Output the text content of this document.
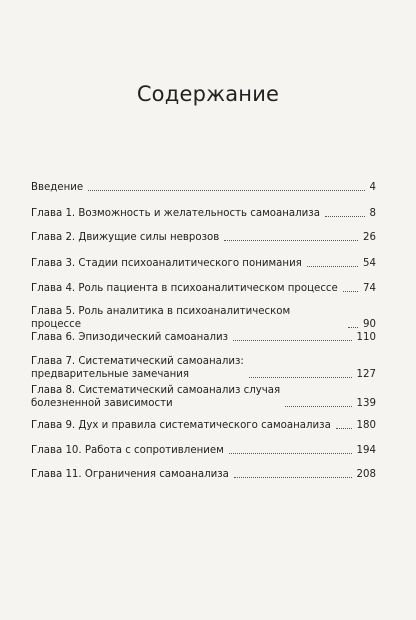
Содержание
Введение	4
Глава 1. Возможность и желательность самоанализа	8
Глава 2. Движущие силы неврозов	26
Глава 3. Стадии психоаналитического понимания	54
Глава 4. Роль пациента в психоаналитическом процессе 74
Глава 5. Роль аналитика в психоаналитическом процессе	90
Глава 6. Эпизодический самоанализ	110
Глава 7. Систематический самоанализ:
предварительные замечания	127
Глава 8. Систематический самоанализ случая
болезненной зависимости	139
Глава 9. Дух и правила систематического самоанализа	180
Глава 10. Работа с сопротивлением	194
Глава 11. Ограничения самоанализа	208
